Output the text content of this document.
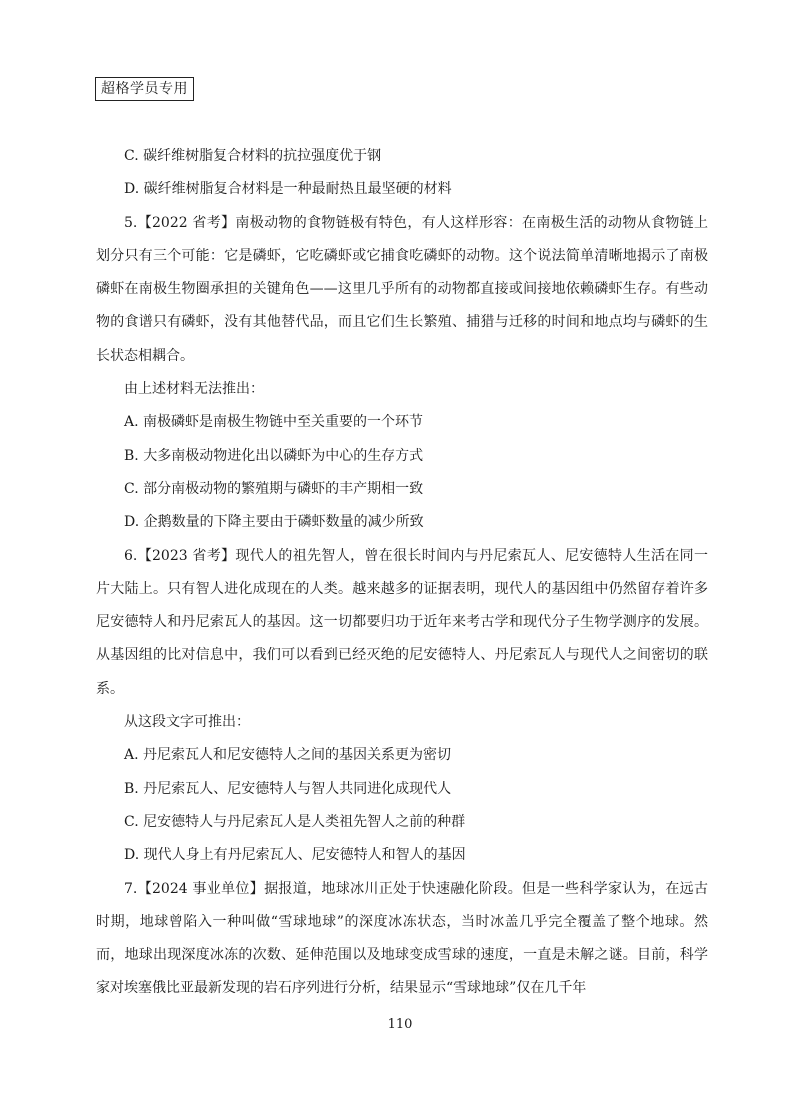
超格学员专用

C. 碳纤维树脂复合材料的抗拉强度优于钢

D. 碳纤维树脂复合材料是一种最耐热且最坚硬的材料

5.【2022 省考】南极动物的食物链极有特色，有人这样形容：在南极生活的动物从食物链上划分只有三个可能：它是磷虾，它吃磷虾或它捕食吃磷虾的动物。这个说法简单清晰地揭示了南极磷虾在南极生物圈承担的关键角色——这里几乎所有的动物都直接或间接地依赖磷虾生存。有些动物的食谱只有磷虾，没有其他替代品，而且它们生长繁殖、捕猎与迁移的时间和地点均与磷虾的生长状态相耦合。

由上述材料无法推出：

A. 南极磷虾是南极生物链中至关重要的一个环节

B. 大多南极动物进化出以磷虾为中心的生存方式

C. 部分南极动物的繁殖期与磷虾的丰产期相一致

D. 企鹅数量的下降主要由于磷虾数量的减少所致

6.【2023 省考】现代人的祖先智人，曾在很长时间内与丹尼索瓦人、尼安德特人生活在同一片大陆上。只有智人进化成现在的人类。越来越多的证据表明，现代人的基因组中仍然留存着许多尼安德特人和丹尼索瓦人的基因。这一切都要归功于近年来考古学和现代分子生物学测序的发展。从基因组的比对信息中，我们可以看到已经灭绝的尼安德特人、丹尼索瓦人与现代人之间密切的联系。

从这段文字可推出：

A. 丹尼索瓦人和尼安德特人之间的基因关系更为密切

B. 丹尼索瓦人、尼安德特人与智人共同进化成现代人

C. 尼安德特人与丹尼索瓦人是人类祖先智人之前的种群

D. 现代人身上有丹尼索瓦人、尼安德特人和智人的基因

7.【2024 事业单位】据报道，地球冰川正处于快速融化阶段。但是一些科学家认为，在远古时期，地球曾陷入一种叫做“雪球地球”的深度冰冻状态，当时冰盖几乎完全覆盖了整个地球。然而，地球出现深度冰冻的次数、延伸范围以及地球变成雪球的速度，一直是未解之谜。目前，科学家对埃塞俄比亚最新发现的岩石序列进行分析，结果显示“雪球地球”仅在几千年

110
